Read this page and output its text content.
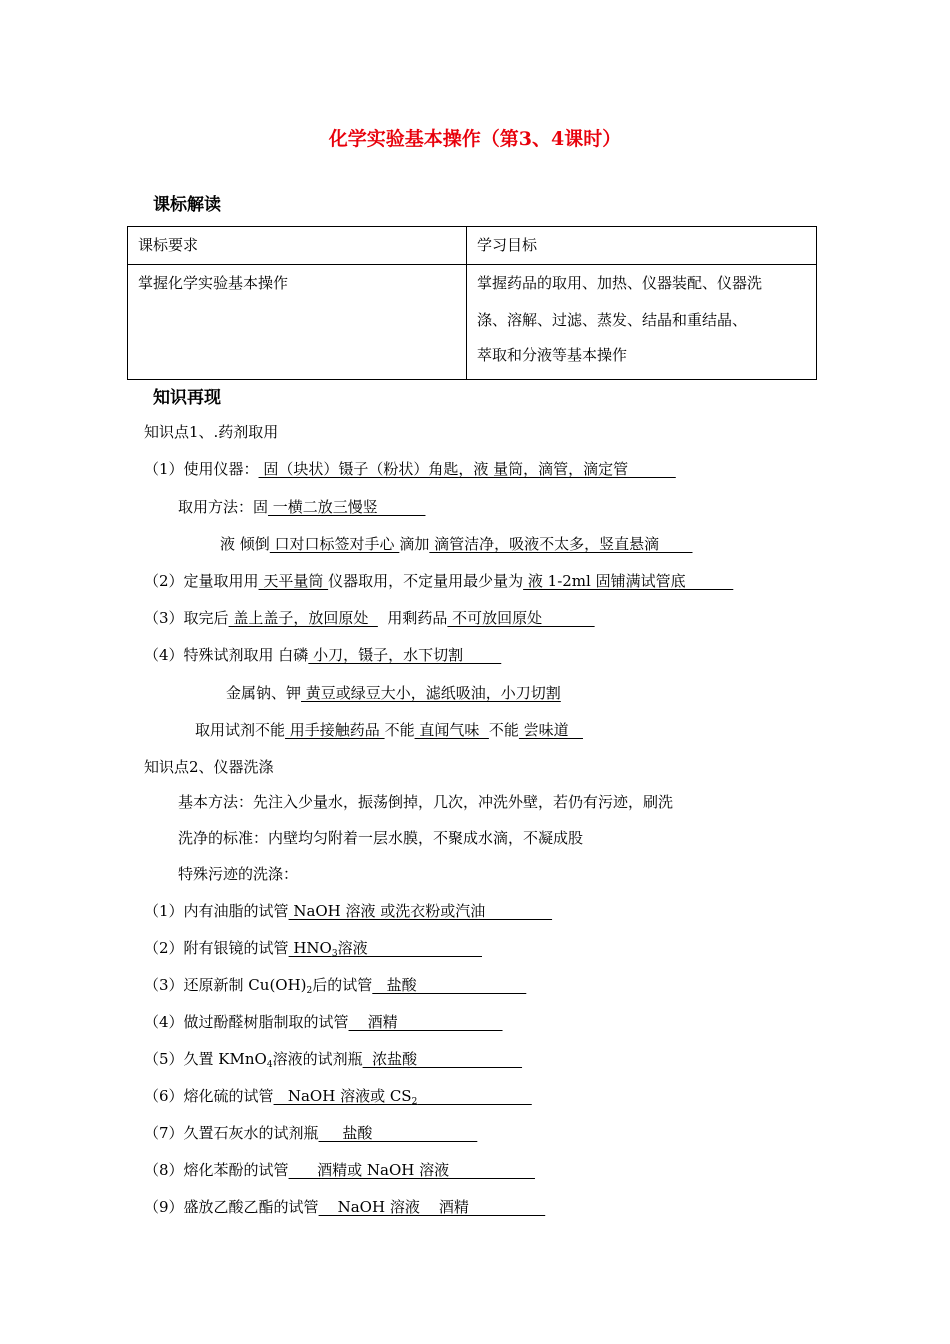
化学实验基本操作（第3、4课时）
课标解读
课标要求	学习目标
掌握化学实验基本操作	掌握药品的取用、加热、仪器装配、仪器洗
涤、溶解、过滤、蒸发、结晶和重结晶、
萃取和分液等基本操作
知识再现
知识点1、.药剂取用
（1）使用仪器： 固（块状）镊子（粉状）角匙，液 量筒，滴管，滴定管
取用方法：固 一横二放三慢竖
液 倾倒 口对口标签对手心 滴加 滴管洁净，吸液不太多，竖直悬滴
（2）定量取用用 天平量筒 仪器取用，不定量用最少量为 液 1-2ml 固铺满试管底
（3）取完后 盖上盖子，放回原处    用剩药品 不可放回原处
（4）特殊试剂取用 白磷 小刀，镊子，水下切割
金属钠、钾 黄豆或绿豆大小，滤纸吸油，小刀切割
取用试剂不能 用手接触药品 不能 直闻气味  不能 尝味道
知识点2、仪器洗涤
基本方法：先注入少量水，振荡倒掉，几次，冲洗外壁，若仍有污迹，刷洗
洗净的标准：内壁均匀附着一层水膜，不聚成水滴，不凝成股
特殊污迹的洗涤：
（1）内有油脂的试管 NaOH 溶液 或洗衣粉或汽油
（2）附有银镜的试管 $HNO_3$溶液
（3）还原新制 $Cu(OH)_2$后的试管   盐酸
（4）做过酚醛树脂制取的试管    酒精
（5）久置 KMnO$_4$溶液的试剂瓶  浓盐酸
（6）熔化硫的试管   NaOH 溶液或 $CS_2$
（7）久置石灰水的试剂瓶     盐酸
（8）熔化苯酚的试管      酒精或 NaOH 溶液
（9）盛放乙酸乙酯的试管    NaOH 溶液    酒精
